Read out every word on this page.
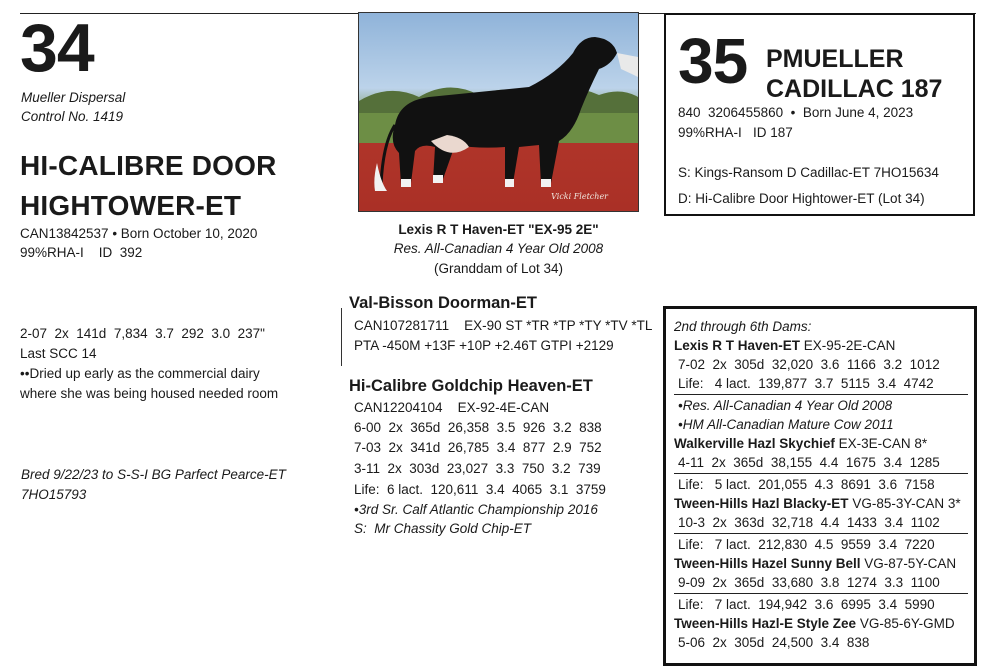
34
Mueller Dispersal
Control No. 1419
HI-CALIBRE DOOR
HIGHTOWER-ET
CAN13842537 • Born October 10, 2020
99%RHA-I    ID  392
2-07  2x  141d  7,834  3.7  292  3.0  237"
Last SCC 14
••Dried up early as the commercial dairy
where she was being housed needed room
Bred 9/22/23 to S-S-I BG Parfect Pearce-ET
7HO15793
Vicki Fletcher
Lexis R T Haven-ET "EX-95 2E"
Res. All-Canadian 4 Year Old 2008
(Granddam of Lot 34)
Val-Bisson Doorman-ET
CAN107281711    EX-90 ST *TR *TP *TY *TV *TL
PTA -450M +13F +10P +2.46T GTPI +2129
Hi-Calibre Goldchip Heaven-ET
CAN12204104    EX-92-4E-CAN
6-00  2x  365d  26,358  3.5  926  3.2  838
7-03  2x  341d  26,785  3.4  877  2.9  752
3-11  2x  303d  23,027  3.3  750  3.2  739
Life:  6 lact.  120,611  3.4  4065  3.1  3759
•3rd Sr. Calf Atlantic Championship 2016
S:  Mr Chassity Gold Chip-ET
35 PMUELLER
CADILLAC 187
840  3206455860  •  Born June 4, 2023
99%RHA-I   ID 187
S: Kings-Ransom D Cadillac-ET 7HO15634
D: Hi-Calibre Door Hightower-ET (Lot 34)
2nd through 6th Dams:
Lexis R T Haven-ET EX-95-2E-CAN
7-02  2x  305d  32,020  3.6  1166  3.2  1012
Life:   4 lact.  139,877  3.7  5115  3.4  4742
•Res. All-Canadian 4 Year Old 2008
•HM All-Canadian Mature Cow 2011
Walkerville Hazl Skychief EX-3E-CAN 8*
4-11  2x  365d  38,155  4.4  1675  3.4  1285
Life:   5 lact.  201,055  4.3  8691  3.6  7158
Tween-Hills Hazl Blacky-ET VG-85-3Y-CAN 3*
10-3  2x  363d  32,718  4.4  1433  3.4  1102
Life:   7 lact.  212,830  4.5  9559  3.4  7220
Tween-Hills Hazel Sunny Bell VG-87-5Y-CAN
9-09  2x  365d  33,680  3.8  1274  3.3  1100
Life:   7 lact.  194,942  3.6  6995  3.4  5990
Tween-Hills Hazl-E Style Zee VG-85-6Y-GMD
5-06  2x  305d  24,500  3.4  838
